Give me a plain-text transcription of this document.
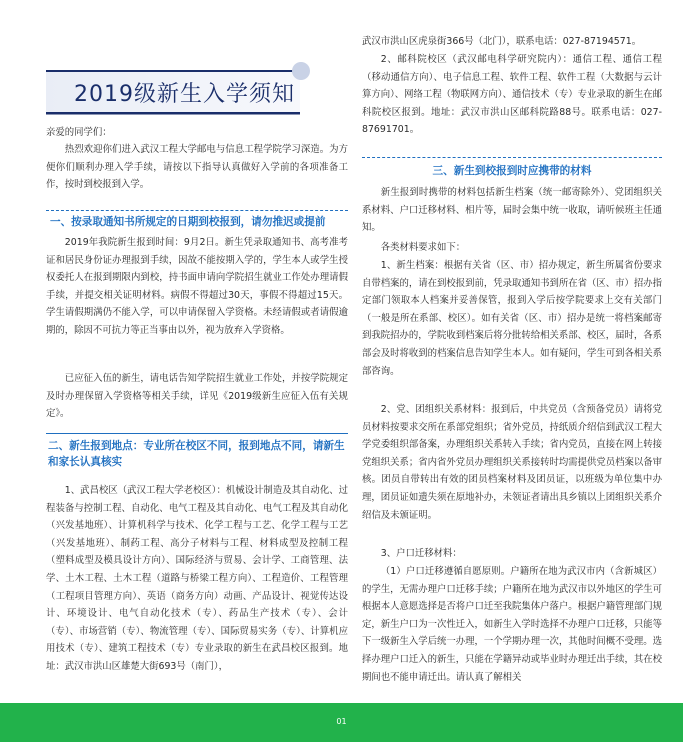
2019级新生入学须知

亲爱的同学们：

热烈欢迎你们进入武汉工程大学邮电与信息工程学院学习深造。为方便你们顺利办理入学手续，请按以下指导认真做好入学前的各项准备工作，按时到校报到入学。

一、按录取通知书所规定的日期到校报到，请勿推迟或提前

2019年我院新生报到时间：9月2日。新生凭录取通知书、高考准考证和居民身份证办理报到手续，因故不能按期入学的，学生本人或学生授权委托人在报到期限内到校，持书面申请向学院招生就业工作处办理请假手续，并提交相关证明材料。病假不得超过30天，事假不得超过15天。学生请假期满仍不能入学，可以申请保留入学资格。未经请假或者请假逾期的，除因不可抗力等正当事由以外，视为放弃入学资格。

已应征入伍的新生，请电话告知学院招生就业工作处，并按学院规定及时办理保留入学资格等相关手续，详见《2019级新生应征入伍有关规定》。

二、新生报到地点：专业所在校区不同，报到地点不同，请新生和家长认真核实

1、武昌校区（武汉工程大学老校区）：机械设计制造及其自动化、过程装备与控制工程、自动化、电气工程及其自动化、电气工程及其自动化（兴发基地班）、计算机科学与技术、化学工程与工艺、化学工程与工艺（兴发基地班）、制药工程、高分子材料与工程、材料成型及控制工程（塑料成型及模具设计方向）、国际经济与贸易、会计学、工商管理、法学、土木工程、土木工程（道路与桥梁工程方向）、工程造价、工程管理（工程项目管理方向）、英语（商务方向）动画、产品设计、视觉传达设计、环境设计、电气自动化技术（专）、药品生产技术（专）、会计（专）、市场营销（专）、物流管理（专）、国际贸易实务（专）、计算机应用技术（专）、建筑工程技术（专）专业录取的新生在武昌校区报到。地址：武汉市洪山区雄楚大街693号（南门），

武汉市洪山区虎泉街366号（北门），联系电话：027-87194571。

2、邮科院校区（武汉邮电科学研究院内）：通信工程、通信工程（移动通信方向）、电子信息工程、软件工程、软件工程（大数据与云计算方向）、网络工程（物联网方向）、通信技术（专）专业录取的新生在邮科院校区报到。地址：武汉市洪山区邮科院路88号。联系电话：027-87691701。

三、新生到校报到时应携带的材料

新生报到时携带的材料包括新生档案（统一邮寄除外）、党团组织关系材料、户口迁移材料、相片等，届时会集中统一收取，请听候班主任通知。

各类材料要求如下：

1、新生档案：根据有关省（区、市）招办规定，新生所属省份要求自带档案的，请在到校报到前，凭录取通知书到所在省（区、市）招办指定部门领取本人档案并妥善保管，报到入学后按学院要求上交有关部门（一般是所在系部、校区）。如有关省（区、市）招办是统一将档案邮寄到我院招办的，学院收到档案后将分批转给相关系部、校区，届时，各系部会及时将收到的档案信息告知学生本人。如有疑问，学生可到各相关系部咨询。

2、党、团组织关系材料：报到后，中共党员（含预备党员）请将党员材料按要求交所在系部党组织；省外党员，持纸质介绍信到武汉工程大学党委组织部备案，办理组织关系转入手续；省内党员，直接在网上转接党组织关系；省内省外党员办理组织关系接转时均需提供党员档案以备审核。团员自带转出有效的团员档案材料及团员证，以班级为单位集中办理，团员证如遗失须在原地补办，未领证者请出具乡镇以上团组织关系介绍信及未颁证明。

3、户口迁移材料：

（1）户口迁移遵循自愿原则。户籍所在地为武汉市内（含新城区）的学生，无需办理户口迁移手续；户籍所在地为武汉市以外地区的学生可根据本人意愿选择是否将户口迁至我院集体户落户。根据户籍管理部门规定，新生户口为一次性迁入，如新生入学时选择不办理户口迁移，只能等下一级新生入学后统一办理，一个学期办理一次，其他时间概不受理。选择办理户口迁入的新生，只能在学籍异动或毕业时办理迁出手续，其在校期间也不能申请迁出。请认真了解相关

01
